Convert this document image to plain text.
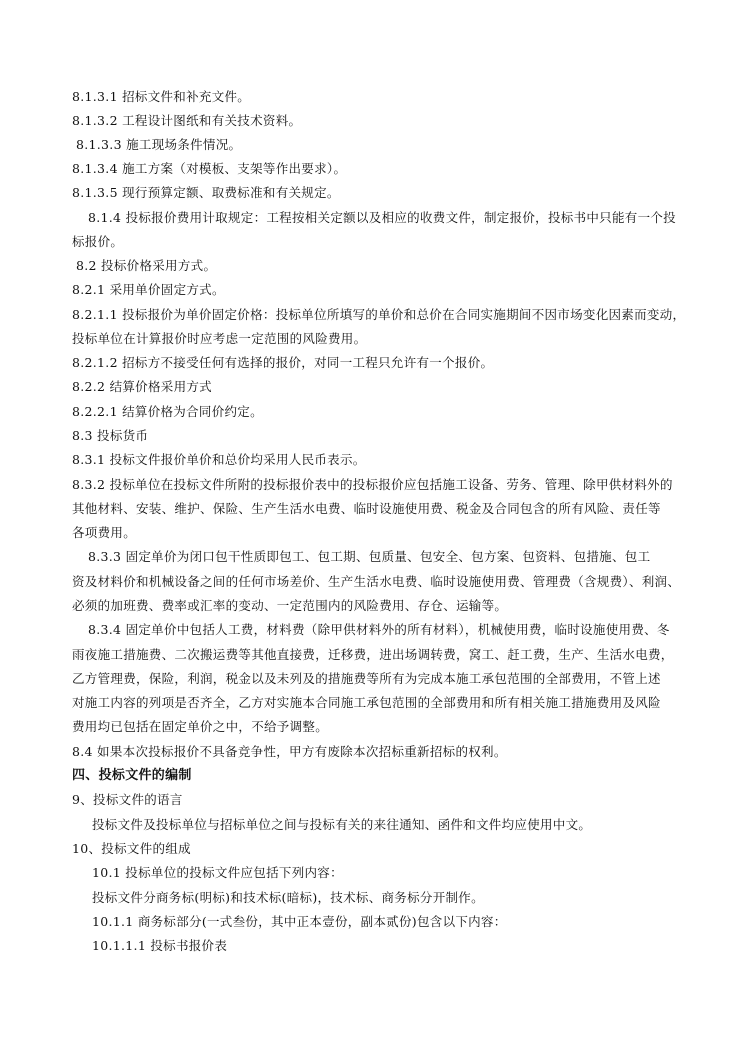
8.1.3.1 招标文件和补充文件。
8.1.3.2 工程设计图纸和有关技术资料。
8.1.3.3 施工现场条件情况。
8.1.3.4 施工方案（对模板、支架等作出要求）。
8.1.3.5 现行预算定额、取费标准和有关规定。
8.1.4 投标报价费用计取规定：工程按相关定额以及相应的收费文件，制定报价，投标书中只能有一个投
标报价。
8.2 投标价格采用方式。
8.2.1 采用单价固定方式。
8.2.1.1 投标报价为单价固定价格：投标单位所填写的单价和总价在合同实施期间不因市场变化因素而变动，
投标单位在计算报价时应考虑一定范围的风险费用。
8.2.1.2 招标方不接受任何有选择的报价，对同一工程只允许有一个报价。
8.2.2 结算价格采用方式
8.2.2.1 结算价格为合同价约定。
8.3 投标货币
8.3.1 投标文件报价单价和总价均采用人民币表示。
8.3.2 投标单位在投标文件所附的投标报价表中的投标报价应包括施工设备、劳务、管理、除甲供材料外的
其他材料、安装、维护、保险、生产生活水电费、临时设施使用费、税金及合同包含的所有风险、责任等
各项费用。
8.3.3 固定单价为闭口包干性质即包工、包工期、包质量、包安全、包方案、包资料、包措施、包工
资及材料价和机械设备之间的任何市场差价、生产生活水电费、临时设施使用费、管理费（含规费）、利润、
必须的加班费、费率或汇率的变动、一定范围内的风险费用、存仓、运输等。
8.3.4 固定单价中包括人工费，材料费（除甲供材料外的所有材料），机械使用费，临时设施使用费、冬
雨夜施工措施费、二次搬运费等其他直接费，迁移费，进出场调转费，窝工、赶工费，生产、生活水电费，
乙方管理费，保险，利润，税金以及未列及的措施费等所有为完成本施工承包范围的全部费用，不管上述
对施工内容的列项是否齐全，乙方对实施本合同施工承包范围的全部费用和所有相关施工措施费用及风险
费用均已包括在固定单价之中，不给予调整。
8.4 如果本次投标报价不具备竞争性，甲方有废除本次招标重新招标的权利。
四、投标文件的编制
9、投标文件的语言
投标文件及投标单位与招标单位之间与投标有关的来往通知、函件和文件均应使用中文。
10、投标文件的组成
10.1 投标单位的投标文件应包括下列内容：
投标文件分商务标(明标)和技术标(暗标)，技术标、商务标分开制作。
10.1.1 商务标部分(一式叁份，其中正本壹份，副本贰份)包含以下内容：
10.1.1.1 投标书报价表
